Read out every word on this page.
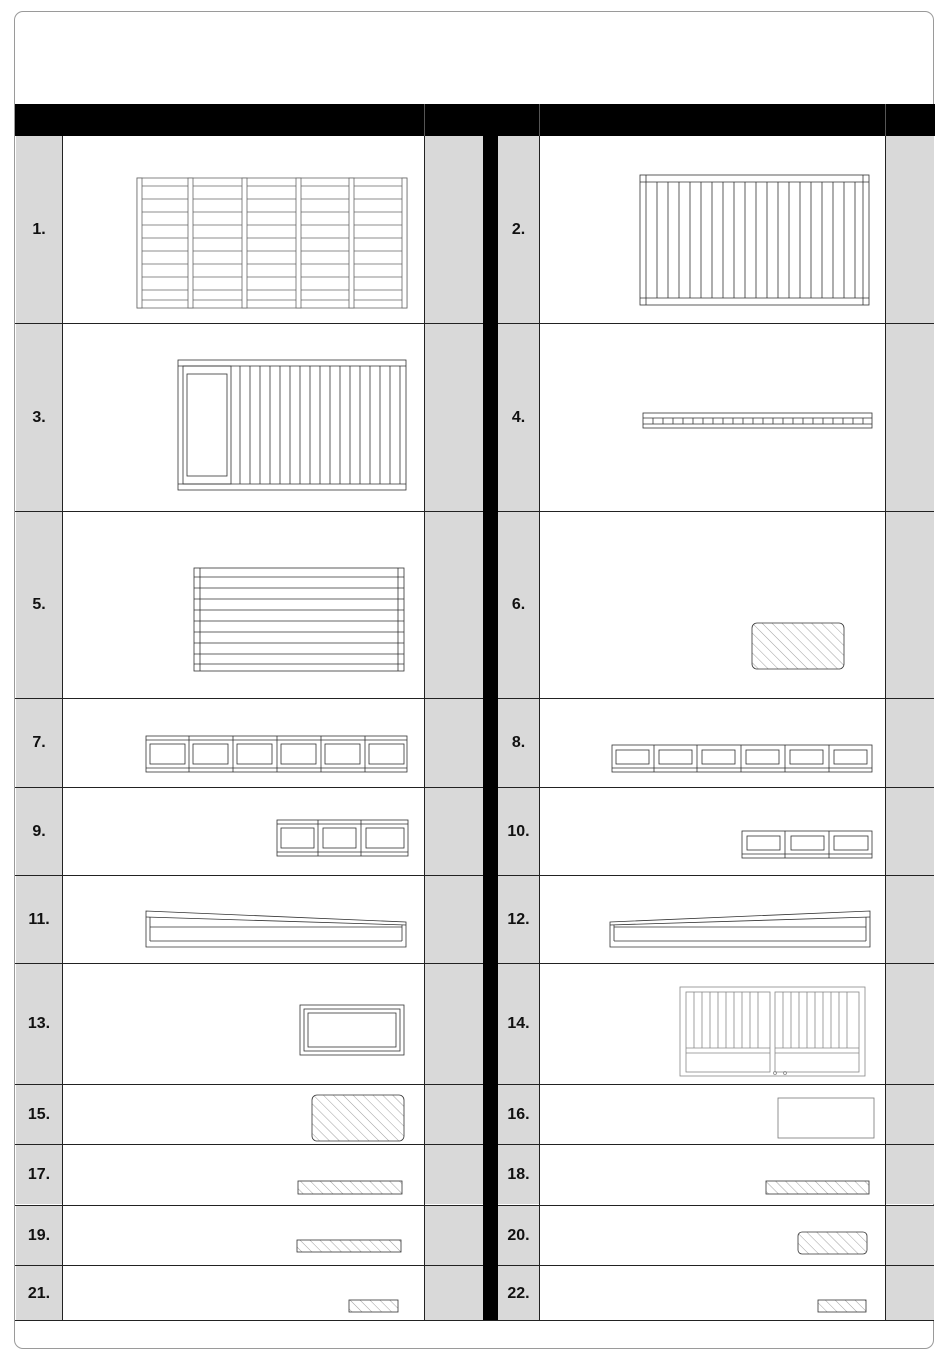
1.	2.
3.	4.
5.	6.
7.	8.
9.	10.
11.	12.
13.	14.
15.	16.
17.	18.
19.	20.
21.	22.
